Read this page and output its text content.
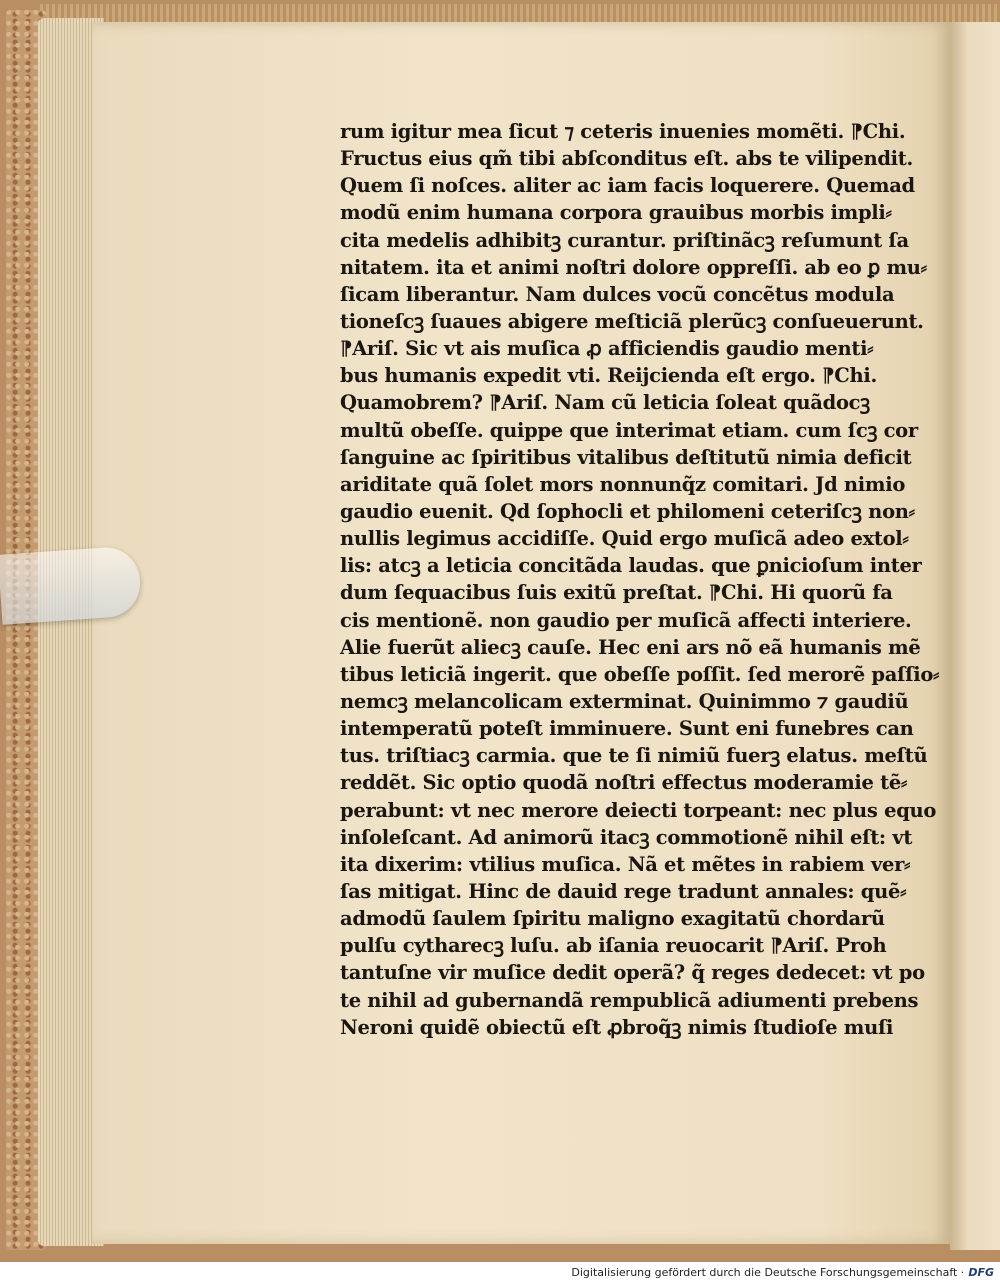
rum igitur mea ſicut ⁊ ceteris inuenies momẽti. ⁋Chi.
Fructus eius qm̃ tibi abſconditus eſt. abs te vilipendit.
Quem ſi noſces. aliter ac iam facis loquerere. Quemad
modũ enim humana corpora grauibus morbis impli⸗
cita medelis adhibitꝫ curantur. priſtinãcꝫ reſumunt ſa
nitatem. ita et animi noſtri dolore oppreſſi. ab eo ꝑ mu⸗
ſicam liberantur. Nam dulces vocũ concẽtus modula
tioneſcꝫ ſuaues abigere meſticiã plerũcꝫ conſueuerunt.
⁋Ariſ. Sic vt ais muſica ꝓ afficiendis gaudio menti⸗
bus humanis expedit vti. Reijcienda eſt ergo. ⁋Chi.
Quamobrem? ⁋Ariſ. Nam cũ leticia ſoleat quãdocꝫ
multũ obeſſe. quippe que interimat etiam. cum ſcꝫ cor
ſanguine ac ſpiritibus vitalibus deſtitutũ nimia deficit
ariditate quã ſolet mors nonnunq̃z comitari. Jd nimio
gaudio euenit. Qd ſophocli et philomeni ceteriſcꝫ non⸗
nullis legimus accidiſſe. Quid ergo muſicã adeo extol⸗
lis: atcꝫ a leticia concitãda laudas. que ꝑnicioſum inter
dum ſequacibus ſuis exitũ preſtat. ⁋Chi. Hi quorũ fa
cis mentionẽ. non gaudio per muſicã affecti interiere.
Alie fuerũt aliecꝫ cauſe. Hec eni ars nõ eã humanis mẽ
tibus leticiã ingerit. que obeſſe poſſit. ſed merorẽ paſſio⸗
nemcꝫ melancolicam exterminat. Quinimmo ⁊ gaudiũ
intemperatũ poteſt imminuere. Sunt eni funebres can
tus. triſtiacꝫ carmia. que te ſi nimiũ fuerꝫ elatus. meſtũ
reddẽt. Sic optio quodã noſtri effectus moderamie tẽ⸗
perabunt: vt nec merore deiecti torpeant: nec plus equo
inſoleſcant. Ad animorũ itacꝫ commotionẽ nihil eſt: vt
ita dixerim: vtilius muſica. Nã et mẽtes in rabiem ver⸗
ſas mitigat. Hinc de dauid rege tradunt annales: quẽ⸗
admodũ ſaulem ſpiritu maligno exagitatũ chordarũ
pulſu cytharecꝫ luſu. ab iſania reuocarit ⁋Ariſ. Proh
tantuſne vir muſice dedit operã? q̃ reges dedecet: vt po
te nihil ad gubernandã rempublicã adiumenti prebens
Neroni quidẽ obiectũ eſt ꝓbroq̃ꝫ nimis ſtudioſe muſi
Digitalisierung gefördert durch die Deutsche Forschungsgemeinschaft · DFG
